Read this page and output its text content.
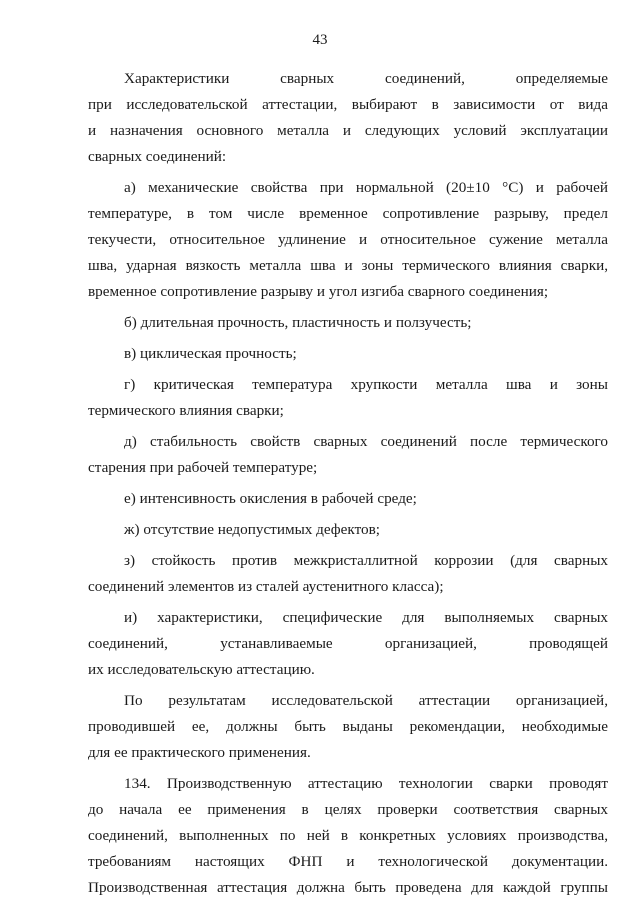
43
Характеристики сварных соединений, определяемые
при исследовательской аттестации, выбирают в зависимости от вида
и назначения основного металла и следующих условий эксплуатации
сварных соединений:
а) механические свойства при нормальной (20±10 °С) и рабочей
температуре, в том числе временное сопротивление разрыву, предел
текучести, относительное удлинение и относительное сужение металла
шва, ударная вязкость металла шва и зоны термического влияния сварки,
временное сопротивление разрыву и угол изгиба сварного соединения;
б) длительная прочность, пластичность и ползучесть;
в) циклическая прочность;
г) критическая температура хрупкости металла шва и зоны
термического влияния сварки;
д) стабильность свойств сварных соединений после термического
старения при рабочей температуре;
е) интенсивность окисления в рабочей среде;
ж) отсутствие недопустимых дефектов;
з) стойкость против межкристаллитной коррозии (для сварных
соединений элементов из сталей аустенитного класса);
и) характеристики, специфические для выполняемых сварных
соединений, устанавливаемые организацией, проводящей
их исследовательскую аттестацию.
По результатам исследовательской аттестации организацией,
проводившей ее, должны быть выданы рекомендации, необходимые
для ее практического применения.
134. Производственную аттестацию технологии сварки проводят
до начала ее применения в целях проверки соответствия сварных
соединений, выполненных по ней в конкретных условиях производства,
требованиям настоящих ФНП и технологической документации.
Производственная аттестация должна быть проведена для каждой группы
